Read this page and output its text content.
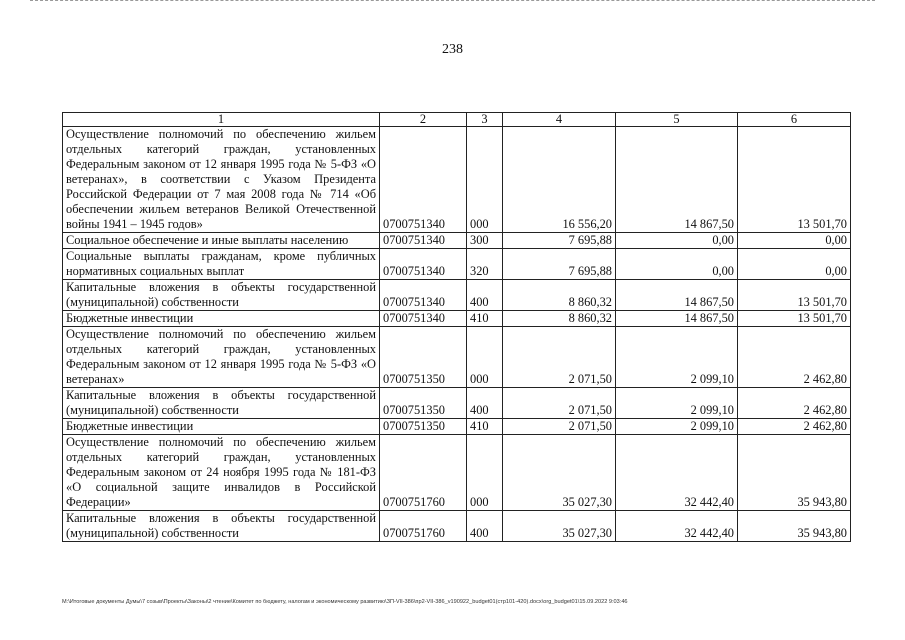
238
1	2	3	4	5	6
Осуществление полномочий по обеспечению жильем отдельных категорий граждан, установленных Федеральным законом от 12 января 1995 года № 5-ФЗ «О ветеранах», в соответствии с Указом Президента Российской Федерации от 7 мая 2008 года № 714 «Об обеспечении жильем ветеранов Великой Отечественной войны 1941 – 1945 годов»	0700751340	000	16 556,20	14 867,50	13 501,70
Социальное обеспечение и иные выплаты населению	0700751340	300	7 695,88	0,00	0,00
Социальные выплаты гражданам, кроме публичных нормативных социальных выплат	0700751340	320	7 695,88	0,00	0,00
Капитальные вложения в объекты государственной (муниципальной) собственности	0700751340	400	8 860,32	14 867,50	13 501,70
Бюджетные инвестиции	0700751340	410	8 860,32	14 867,50	13 501,70
Осуществление полномочий по обеспечению жильем отдельных категорий граждан, установленных Федеральным законом от 12 января 1995 года № 5-ФЗ «О ветеранах»	0700751350	000	2 071,50	2 099,10	2 462,80
Капитальные вложения в объекты государственной (муниципальной) собственности	0700751350	400	2 071,50	2 099,10	2 462,80
Бюджетные инвестиции	0700751350	410	2 071,50	2 099,10	2 462,80
Осуществление полномочий по обеспечению жильем отдельных категорий граждан, установленных Федеральным законом от 24 ноября 1995 года № 181-ФЗ «О социальной защите инвалидов в Российской Федерации»	0700751760	000	35 027,30	32 442,40	35 943,80
Капитальные вложения в объекты государственной (муниципальной) собственности	0700751760	400	35 027,30	32 442,40	35 943,80
M:\Итоговые документы Думы\7 созыв\Проекты\Законы\2 чтение\Комитет по бюджету, налогам и экономическому развитию\ЗП-VII-386\пр2-VII-386_v190922_budget01(стр101-420).docx\org_budget01\15.09.2022 9:03:46
